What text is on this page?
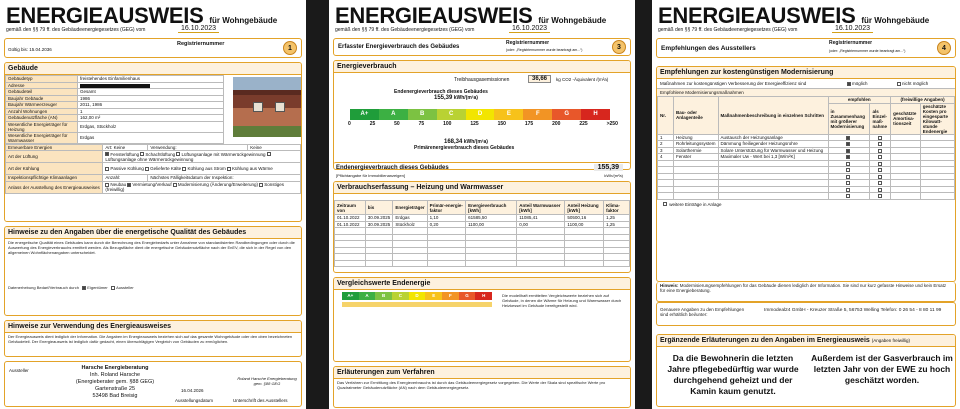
ENERGIEAUSWEIS für Wohngebäude
gemäß den §§ 79 ff. des Gebäudeenergiegesetzes (GEG) vom	16.10.2023
Gültig bis: 15.04.2036
Registriernummer
1
Gebäude
Gebäudetyp	freistehendes Einfamilienhaus
Adresse	
Gebäudeteil	Gesamt
Baujahr Gebäude	1986
Baujahr Wärmeerzeuger	2011, 1986
Anzahl Wohnungen	1
Gebäudenutzfläche (AN)	162,00 m²
Wesentliche Energieträger für Heizung	Erdgas, Stückholz
Wesentliche Energieträger für Warmwasser	Erdgas
Erneuerbare Energien	Art: Keine	Verwendung:	Keine
Art der Lüftung	Fensterlüftung Schachtlüftung Lüftungsanlage mit Wärmerückgewinnung Lüftungsanlage ohne Wärmerückgewinnung		
Art der Kühlung	Passive Kühlung Gelieferte Kälte Kühlung aus Strom Kühlung aus Wärme		
Inspektionspflichtige Klimaanlagen	Anzahl:	Nächstes Fälligkeitsdatum der Inspektion:	
Anlass der Ausstellung des Energieausweises	Neubau Vermietung/Verkauf Modernisierung (Änderung/Erweiterung) Sonstiges (freiwillig)		
Hinweise zu den Angaben über die energetische Qualität des Gebäudes

Die energetische Qualität eines Gebäudes kann durch die Berechnung des Energiebedarfs unter Annahme von standardisierten Randbedingungen oder durch die Auswertung des Energieverbrauchs ermittelt werden. Als Bezugsfläche dient die energetische Gebäudenutzfläche nach der EnEV, die sich in der Regel von den allgemeinen Wohnflächenangaben unterscheidet.

Datenerhebung Bedarf/Verbrauch durch Eigentümer Aussteller

Hinweise zur Verwendung des Energieausweises

Der Energieausweis dient lediglich der Information. Die Angaben im Energieausweis beziehen sich auf das gesamte Wohngebäude oder den oben bezeichneten Gebäudeteil. Der Energieausweis ist lediglich dafür gedacht, einen überschlägigen Vergleich von Gebäuden zu ermöglichen.

Aussteller	Harsche Energieberatung
Inh. Roland Harsche
(Energieberater gem. §88 GEG)
Gartenstraße 25
53498 Bad Breisig
16.04.2026
Ausstellungsdatum
Roland Harsche Energieberatung gem. §88 GEG
Unterschrift des Ausstellers
ENERGIEAUSWEIS für Wohngebäude
gemäß den §§ 79 ff. des Gebäudeenergiegesetzes (GEG) vom	16.10.2023
Erfasster Energieverbrauch des Gebäudes
Registriernummer
(oder: „Registriernummer wurde beantragt am...“)	3
Energieverbrauch
Treibhausgasemissionen	36,66	kg CO2 -Äquivalent /(m²a)
Endenergieverbrauch dieses Gebäudes
155,39 kWh/(m²a)
A+	A	B	C	D	E	F	G	H
0	25	50	75	100	125	150	175	200	225	>250
168,34 kWh/(m²a)
Primärenergieverbrauch dieses Gebäudes
Endenergieverbrauch dieses Gebäudes
[Pflichtangabe für Immobilienanzeigen]
155,39
kWh/(m²a)
Verbrauchserfassung – Heizung und Warmwasser
Zeitraum von	bis	Energieträger	Primär-energie-faktor	Energieverbrauch [kWh]	Anteil Warmwasser [kWh]	Anteil Heizung [kWh]	Klima-faktor
01.10.2022	30.09.2025	Erdgas	1,10	61585,50	11085,41	50500,16	1,25
01.10.2022	30.09.2025	Stückholz	0,20	1100,00	0,00	1100,00	1,25

Vergleichswerte Endenergie
A+	A	B	C	D	E	F	G	H	Die modellhaft ermittelten Vergleichswerte beziehen sich auf Gebäude, in denen die Wärme für Heizung und Warmwasser durch Heizkessel im Gebäude bereitgestellt wird.

Erläuterungen zum Verfahren

Das Verfahren zur Ermittlung des Energieverbrauchs ist durch das Gebäudeenergiegesetz vorgegeben. Die Werte der Skala sind spezifische Werte pro Quadratmeter Gebäudenutzfläche (AN) nach dem Gebäudeenergiegesetz.

ENERGIEAUSWEIS für Wohngebäude
gemäß den §§ 79 ff. des Gebäudeenergiegesetzes (GEG) vom	16.10.2023
Empfehlungen des Ausstellers
Registriernummer
(oder: „Registriernummer wurde beantragt am...“)	4
Empfehlungen zur kostengünstigen Modernisierung
Maßnahmen zur kostengünstigen Verbesserung der Energieeffizienz sind	möglich	nicht möglich
Empfohlene Modernisierungsmaßnahmen
Nr.	Bau- oder Anlagenteile	Maßnahmenbeschreibung in einzelnen Schritten	empfohlen		(freiwillige Angaben)	
			in Zusammenhang mit größerer Modernisierung	als Einzel-maß-nahme	geschätzte Amortisa-tionszeit	geschätzte Kosten pro eingesparte Kilowatt-stunde Endenergie
1	Heizung	Austausch der Heizungsanlage				
2	Rohrleitungssystem	Dämmung freiliegender Heizungsrohre				
3	Solarthermie	Solare Unterstützung für Warmwasser und Heizung				
4	Fenster	Maximaler Uw - Wert bei 1,3 [W/m²K]				

weitere Einträge in Anlage

Hinweis: Modernisierungsempfehlungen für das Gebäude dienen lediglich der Information. Sie sind nur kurz gefasste Hinweise und kein Ersatz für eine Energieberatung.

Genauere Angaben zu den Empfehlungen sind erhältlich bei/unter:

Immodeal24 GmbH - Kreuzer Straße 5, 56753 Welling Telefon: 0 26 54 - 8 80 11 99

Ergänzende Erläuterungen zu den Angaben im Energieausweis (Angaben freiwillig)
Da die Bewohnerin die letzten Jahre pflegebedürftig war wurde durchgehend geheizt und der Kamin kaum genutzt.
Außerdem ist der Gasverbrauch im letzten Jahr von der EWE zu hoch geschätzt worden.
